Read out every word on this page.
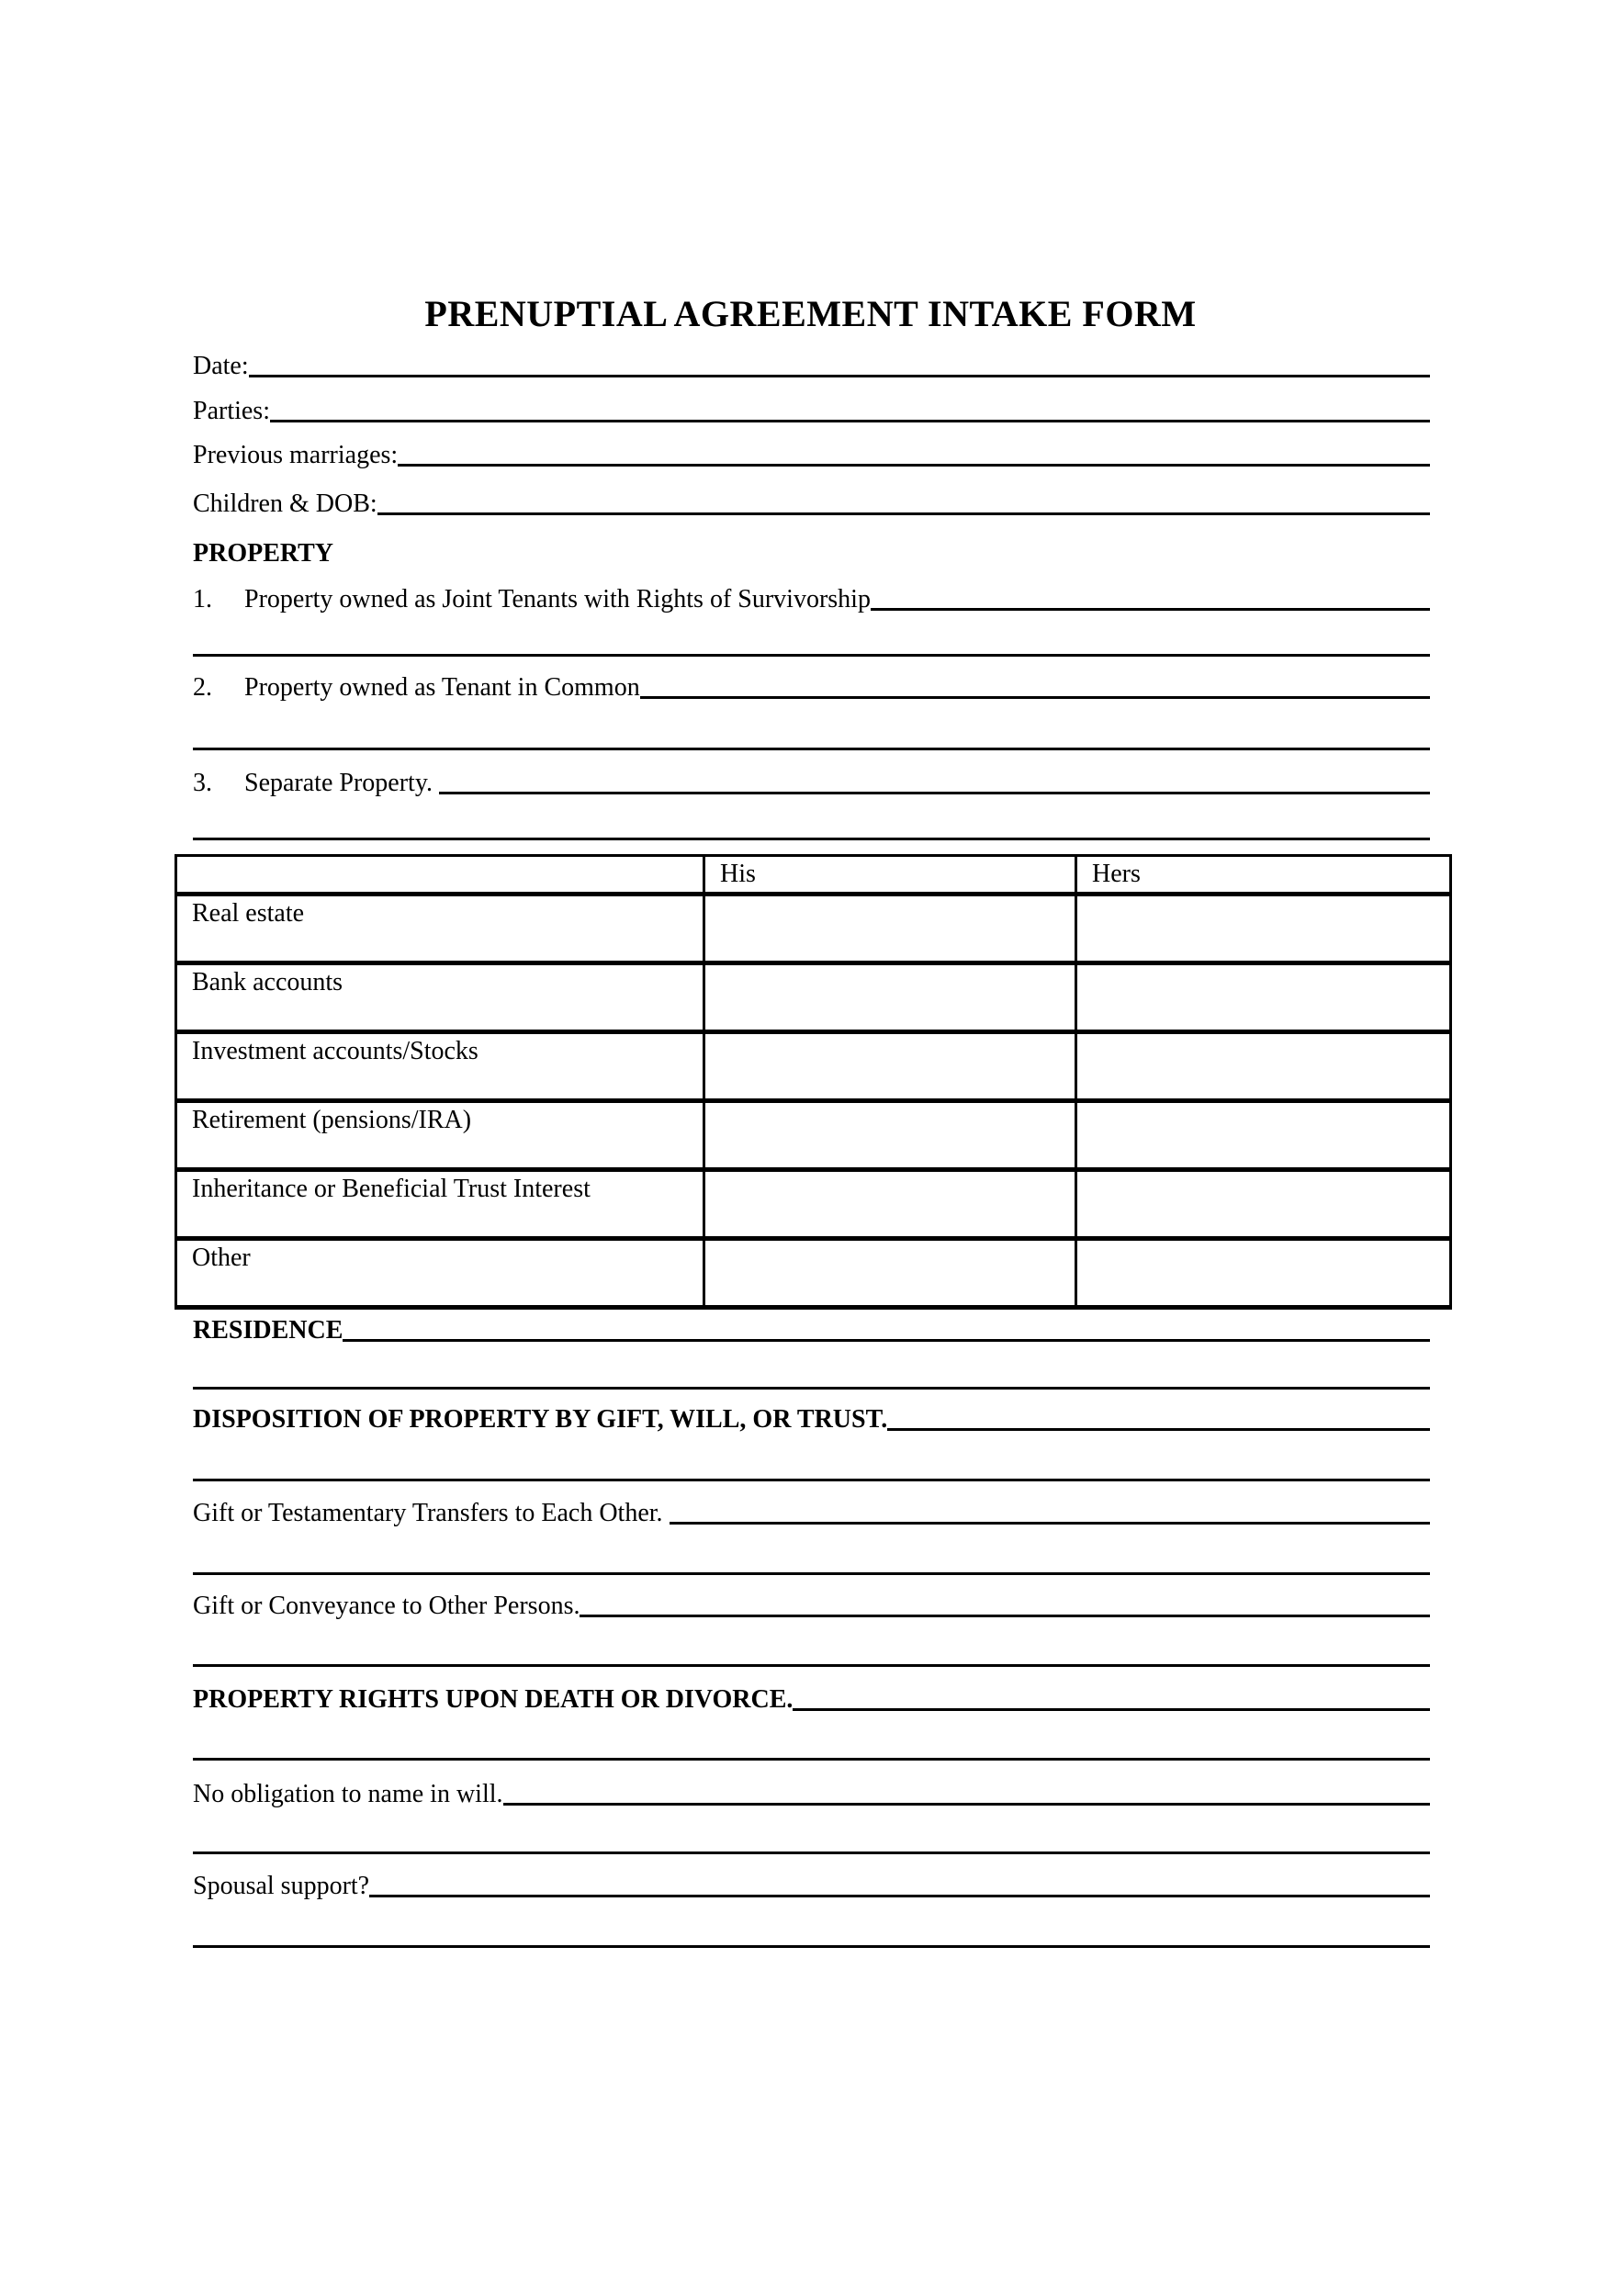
PRENUPTIAL AGREEMENT INTAKE FORM
Date:
Parties:
Previous marriages:
Children & DOB:
PROPERTY
1.	Property owned as Joint Tenants with Rights of Survivorship
2.	Property owned as Tenant in Common
3.	Separate Property.
	His	Hers
Real estate		
Bank accounts		
Investment accounts/Stocks		
Retirement (pensions/IRA)		
Inheritance or Beneficial Trust Interest		
Other		
RESIDENCE
DISPOSITION OF PROPERTY BY GIFT, WILL, OR TRUST.
Gift or Testamentary Transfers to Each Other.
Gift or Conveyance to Other Persons.
PROPERTY RIGHTS UPON DEATH OR DIVORCE.
No obligation to name in will.
Spousal support?
